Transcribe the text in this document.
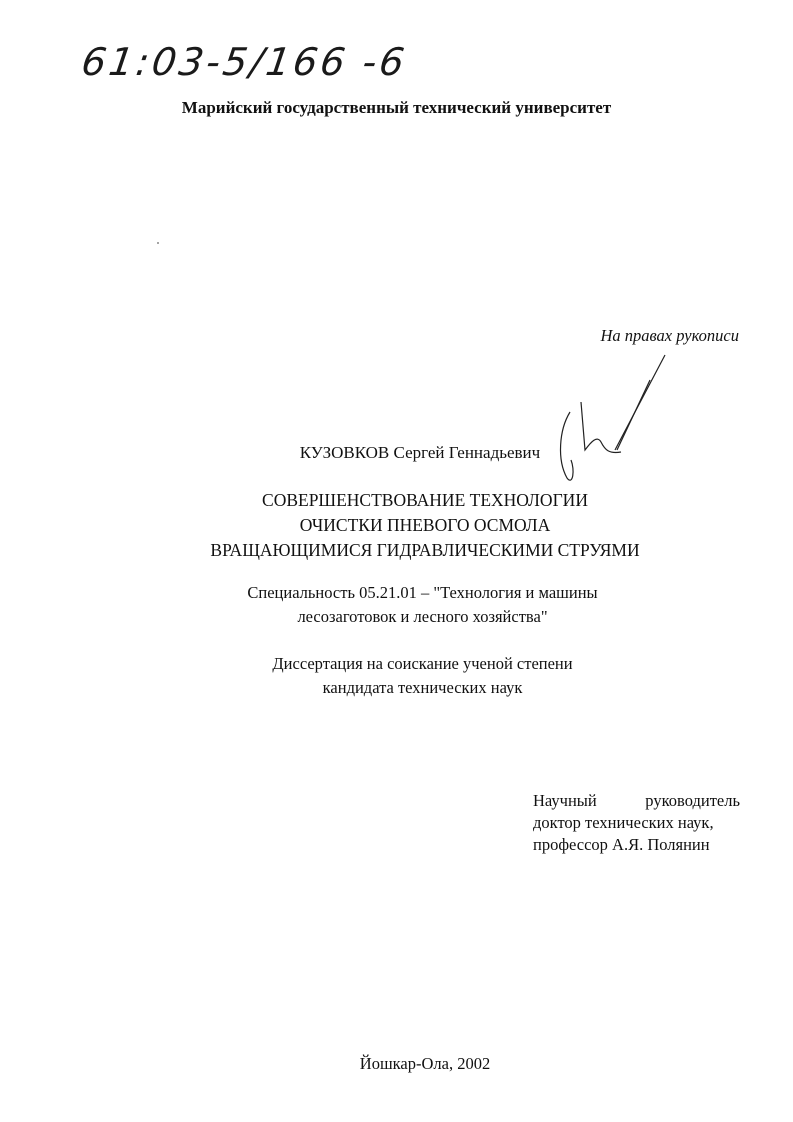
61:03-5/166 -6
Марийский государственный технический университет
На правах рукописи
КУЗОВКОВ Сергей Геннадьевич
СОВЕРШЕНСТВОВАНИЕ ТЕХНОЛОГИИ
ОЧИСТКИ ПНЕВОГО ОСМОЛА
ВРАЩАЮЩИМИСЯ ГИДРАВЛИЧЕСКИМИ СТРУЯМИ
Специальность 05.21.01 – "Технология и машины
лесозаготовок и лесного хозяйства"
Диссертация на соискание ученой степени
кандидата технических наук
Научный руководитель
доктор технических наук,
профессор А.Я. Полянин
Йошкар-Ола, 2002
